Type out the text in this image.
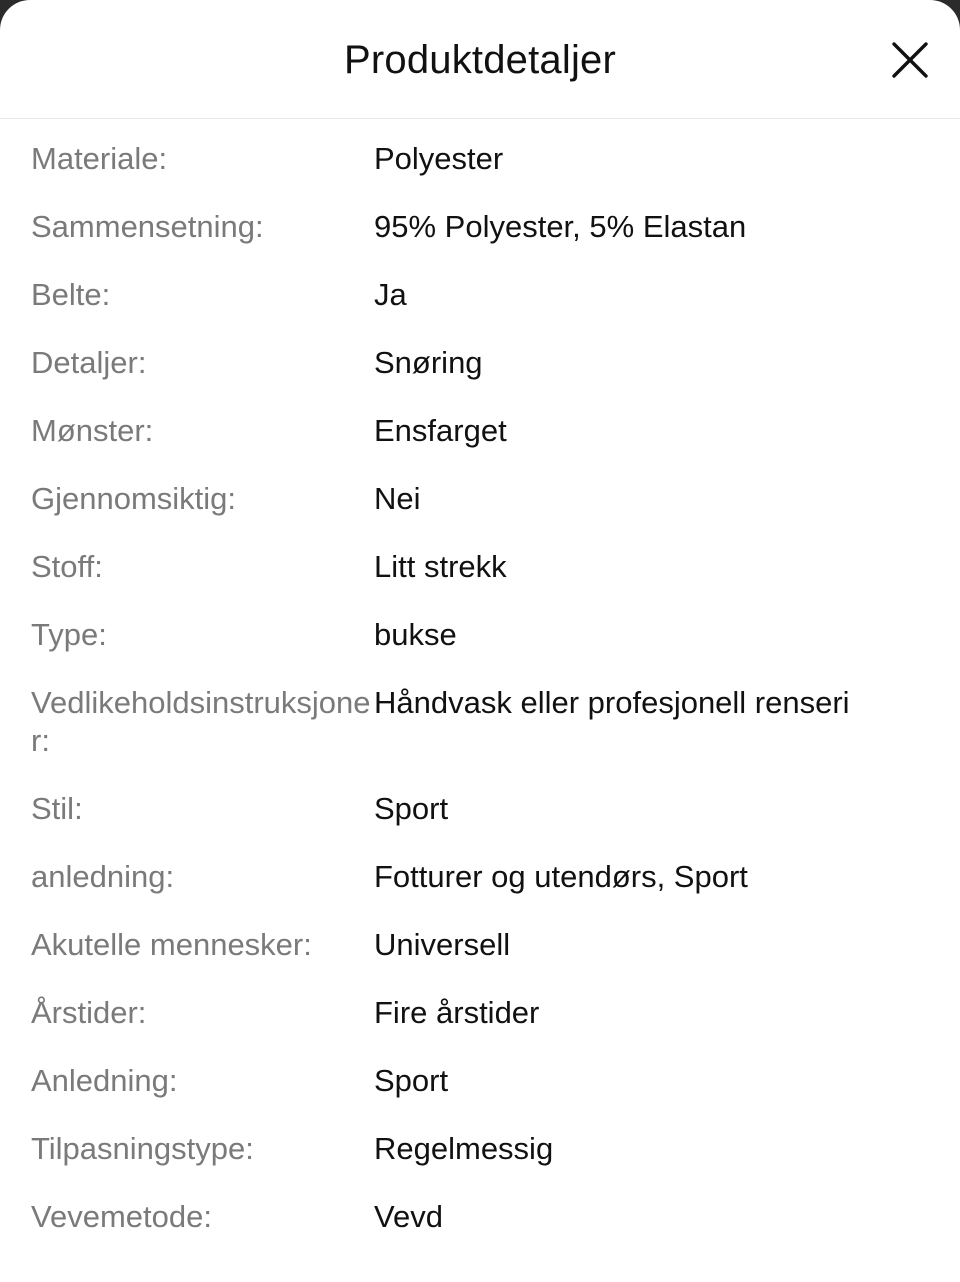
Produktdetaljer
Materiale:	Polyester
Sammensetning:	95% Polyester, 5% Elastan
Belte:	Ja
Detaljer:	Snøring
Mønster:	Ensfarget
Gjennomsiktig:	Nei
Stoff:	Litt strekk
Type:	bukse
Vedlikeholdsinstruksjoner:
Håndvask eller profesjonell renseri
Stil:	Sport
anledning:	Fotturer og utendørs, Sport
Akutelle mennesker:	Universell
Årstider:	Fire årstider
Anledning:	Sport
Tilpasningstype:	Regelmessig
Vevemetode:	Vevd
